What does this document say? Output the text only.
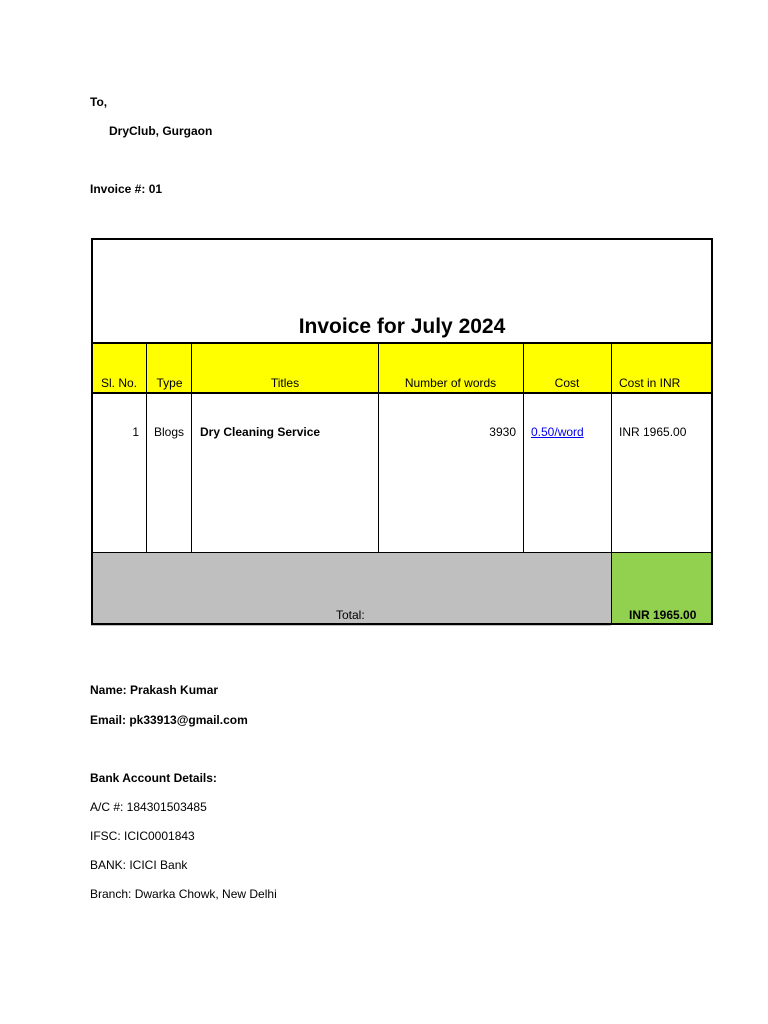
To,
DryClub, Gurgaon
Invoice #: 01
Invoice for July 2024
Sl. No.	Type	Titles	Number of words	Cost	Cost in INR
1	Blogs	Dry Cleaning Service	3930	0.50/word	INR 1965.00
Total:	INR 1965.00
Name: Prakash Kumar
Email: pk33913@gmail.com
Bank Account Details:
A/C #: 184301503485
IFSC: ICIC0001843
BANK: ICICI Bank
Branch: Dwarka Chowk, New Delhi
